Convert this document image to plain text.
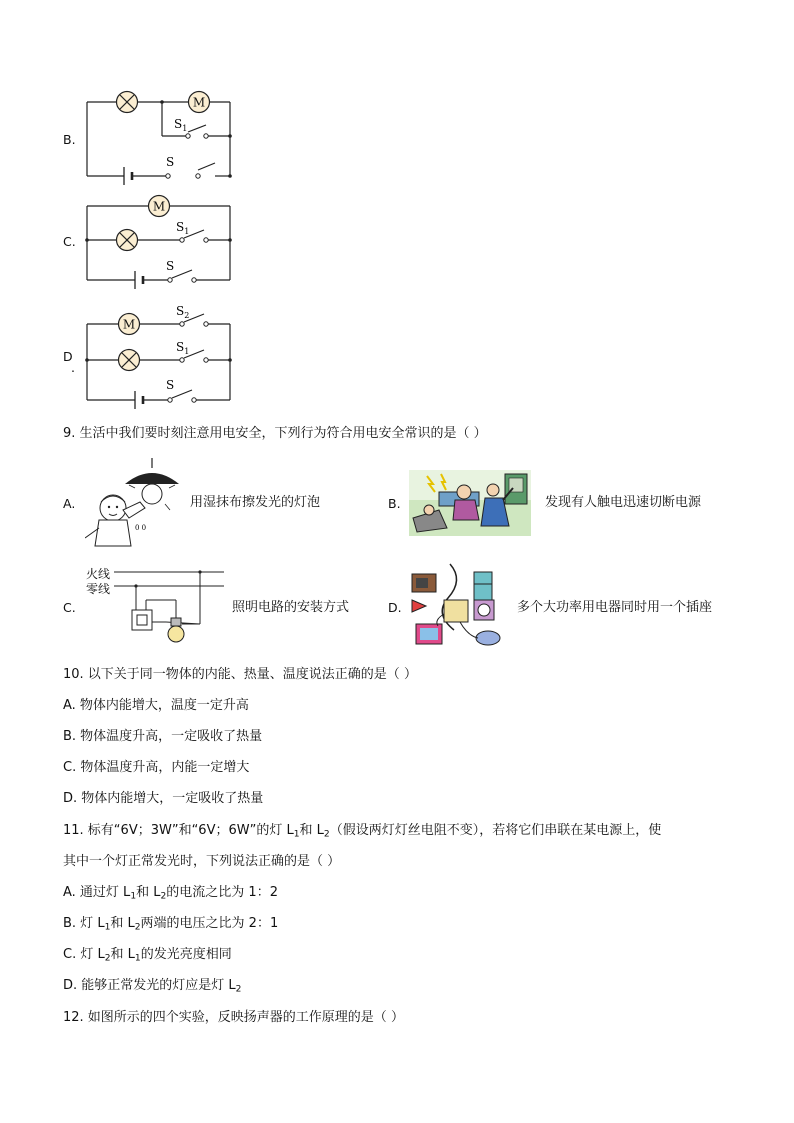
B.
C.
D
.
M
$S_1$
S
M
$S_1$
S
M
$S_2$
$S_1$
S
9. 生活中我们要时刻注意用电安全，下列行为符合用电安全常识的是（ ）
A.
0 0
用湿抹布擦发光的灯泡	B.	发现有人触电迅速切断电源
C.
火线
零线
照明电路的安装方式	D.	多个大功率用电器同时用一个插座
10. 以下关于同一物体的内能、热量、温度说法正确的是（ ）
A. 物体内能增大，温度一定升高
B. 物体温度升高，一定吸收了热量
C. 物体温度升高，内能一定增大
D. 物体内能增大，一定吸收了热量
11. 标有“6V；3W”和“6V；6W”的灯 $L_1$和 $L_2$（假设两灯灯丝电阻不变），若将它们串联在某电源上，使
其中一个灯正常发光时，下列说法正确的是（ ）
A. 通过灯 $L_1$和 $L_2$的电流之比为 1：2
B. 灯 $L_1$和 $L_2$两端的电压之比为 2：1
C. 灯 $L_2$和 $L_1$的发光亮度相同
D. 能够正常发光的灯应是灯 $L_2$
12. 如图所示的四个实验，反映扬声器的工作原理的是（ ）
